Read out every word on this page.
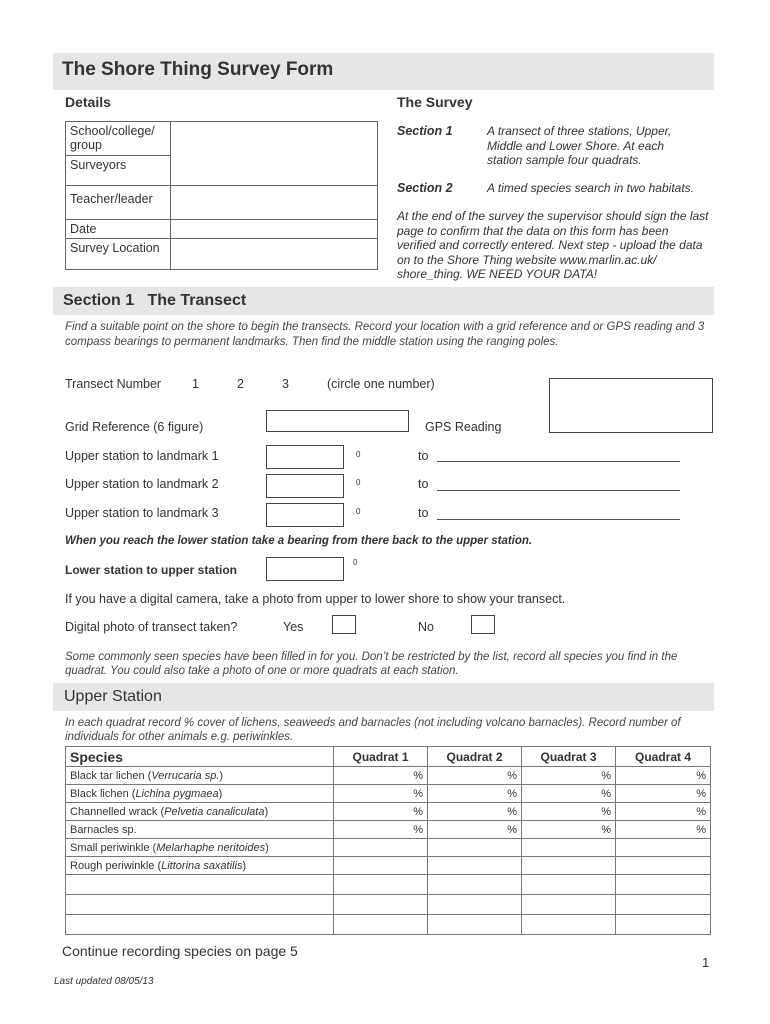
The Shore Thing Survey Form
Details
School/college/ group	
Surveyors	
Teacher/leader	
Date	
Survey Location	
The Survey
Section 1	A transect of three stations, Upper, Middle and Lower Shore. At each station sample four quadrats.
Section 2	A timed species search in two habitats.
At the end of the survey the supervisor should sign the last page to confirm that the data on this form has been verified and correctly entered. Next step - upload the data on to the Shore Thing website www.marlin.ac.uk/ shore_thing. WE NEED YOUR DATA!
Section 1   The Transect
Find a suitable point on the shore to begin the transects. Record your location with a grid reference and or GPS reading and 3 compass bearings to permanent landmarks. Then find the middle station using the ranging poles.
Transect Number 1	2	3	(circle one number)
Grid Reference (6 figure)	GPS Reading
Upper station to landmark 1	0	to
Upper station to landmark 2	0	to
Upper station to landmark 3	0	to
When you reach the lower station take a bearing from there back to the upper station.
Lower station to upper station
0
If you have a digital camera, take a photo from upper to lower shore to show your transect.
Digital photo of transect taken?	Yes	No
Some commonly seen species have been filled in for you. Don’t be restricted by the list, record all species you find in the quadrat. You could also take a photo of one or more quadrats at each station.
Upper Station
In each quadrat record % cover of lichens, seaweeds and barnacles (not including volcano barnacles). Record number of individuals for other animals e.g. periwinkles.
Species	Quadrat 1	Quadrat 2	Quadrat 3	Quadrat 4
Black tar lichen (Verrucaria sp.)	%	%	%	%
Black lichen (Lichina pygmaea)	%	%	%	%
Channelled wrack (Pelvetia canaliculata)	%	%	%	%
Barnacles sp.	%	%	%	%
Small periwinkle (Melarhaphe neritoides)				
Rough periwinkle (Littorina saxatilis)				

Continue recording species on page 5
1
Last updated 08/05/13
